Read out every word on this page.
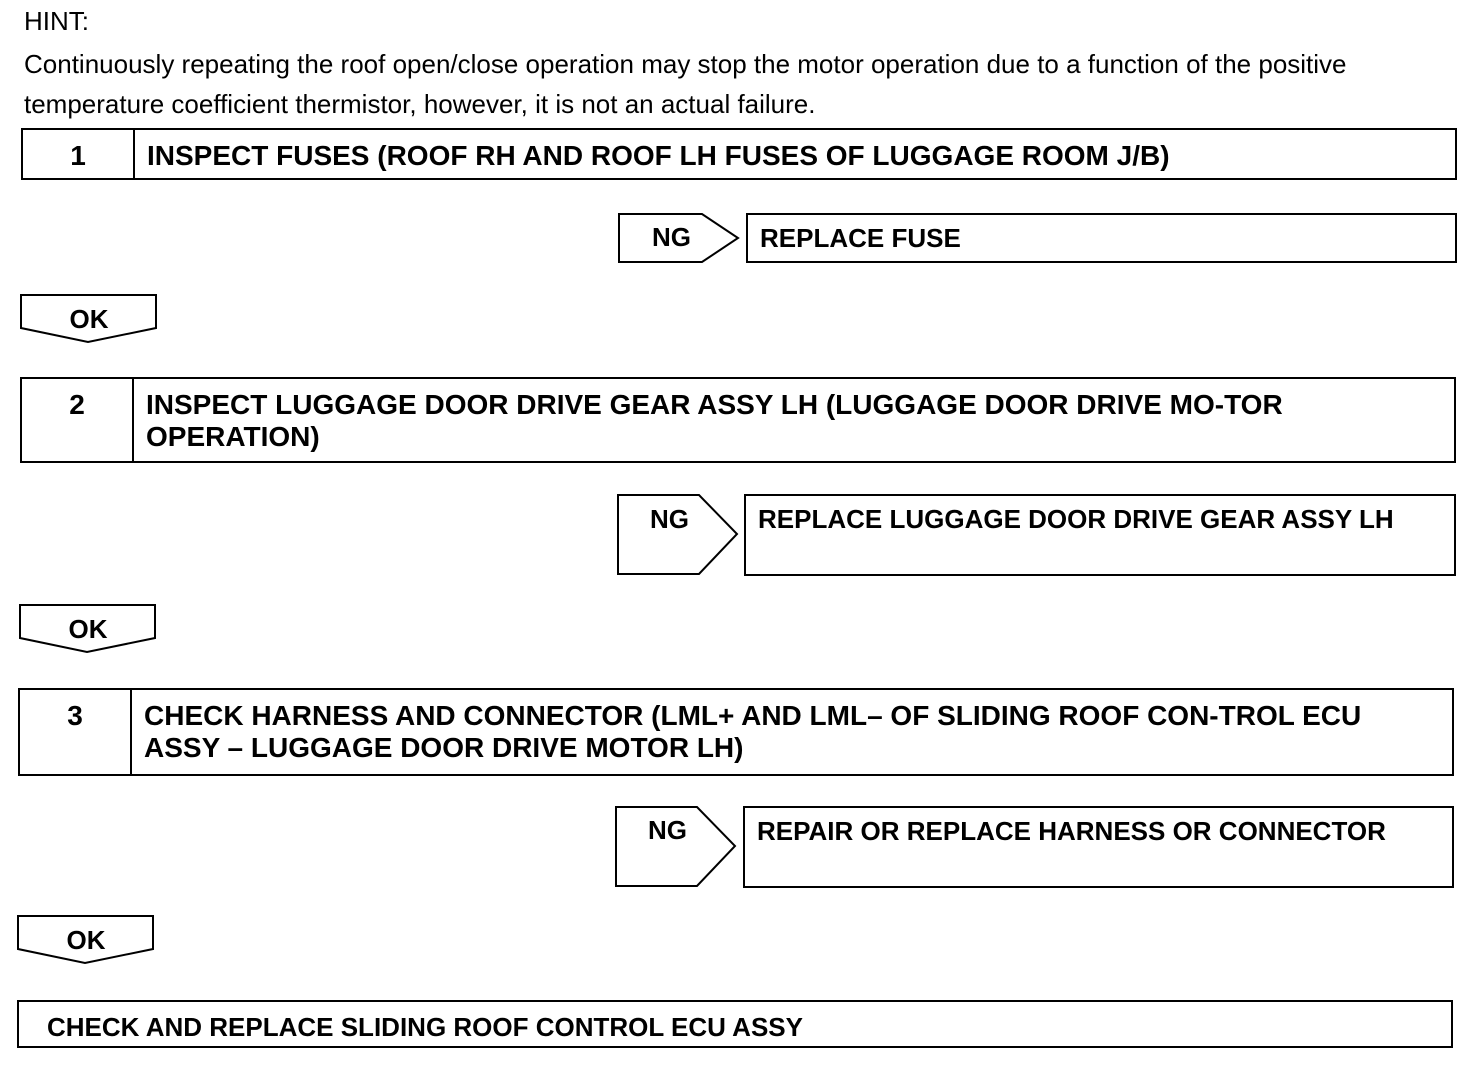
HINT:
Continuously repeating the roof open/close operation may stop the motor operation due to a function of the positive temperature coefficient thermistor, however, it is not an actual failure.
1	INSPECT FUSES (ROOF RH AND ROOF LH FUSES OF LUGGAGE ROOM J/B)
NG	REPLACE FUSE
OK
2	INSPECT LUGGAGE DOOR DRIVE GEAR ASSY LH (LUGGAGE DOOR DRIVE MO-TOR OPERATION)
NG	REPLACE LUGGAGE DOOR DRIVE GEAR ASSY LH
OK
3	CHECK HARNESS AND CONNECTOR (LML+ AND LML– OF SLIDING ROOF CON-TROL ECU ASSY – LUGGAGE DOOR DRIVE MOTOR LH)
NG	REPAIR OR REPLACE HARNESS OR CONNECTOR
OK
CHECK AND REPLACE SLIDING ROOF CONTROL ECU ASSY
